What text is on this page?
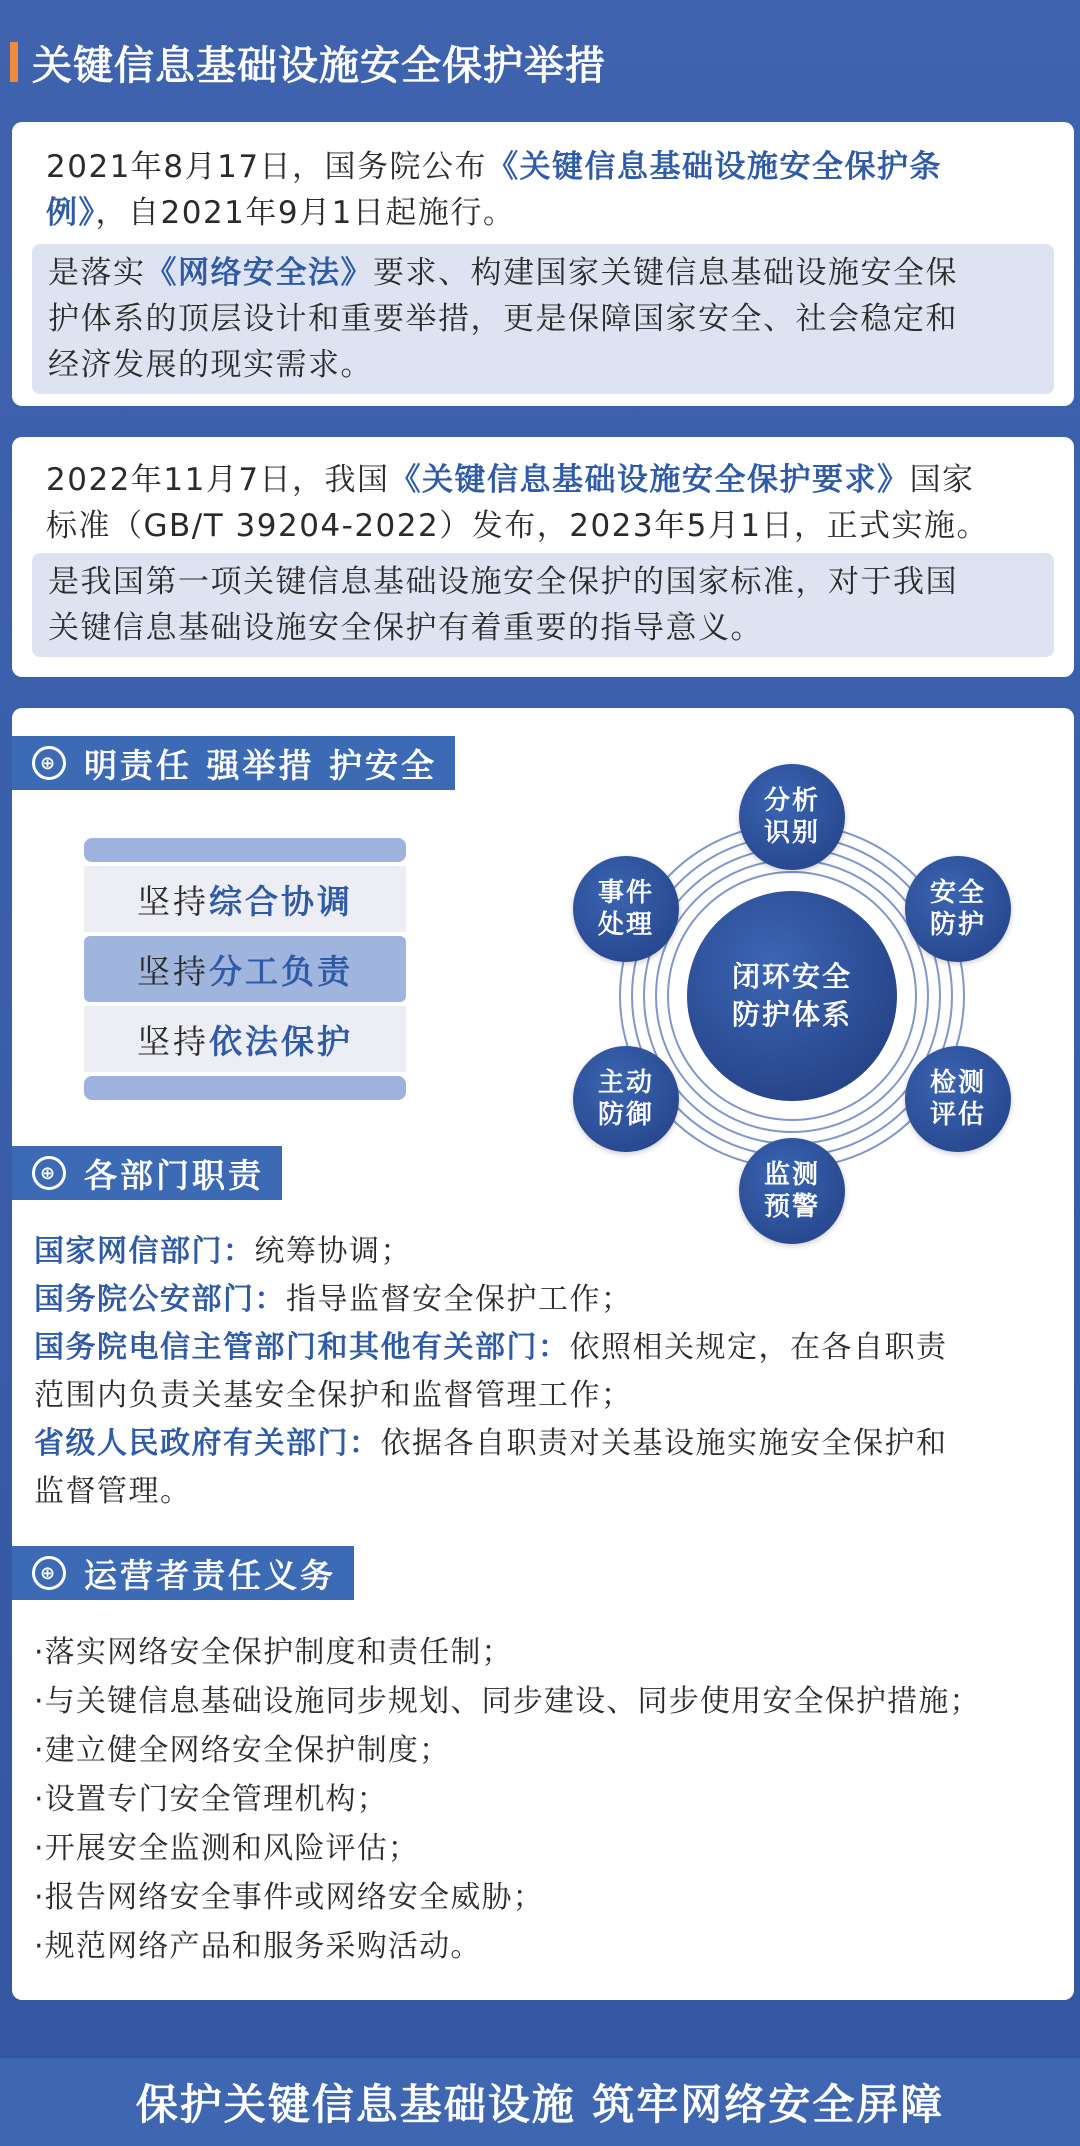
关键信息基础设施安全保护举措
2021年8月17日，国务院公布《关键信息基础设施安全保护条
例》，自2021年9月1日起施行。
是落实《网络安全法》要求、构建国家关键信息基础设施安全保
护体系的顶层设计和重要举措，更是保障国家安全、社会稳定和
经济发展的现实需求。
2022年11月7日，我国《关键信息基础设施安全保护要求》国家
标准（GB/T 39204-2022）发布，2023年5月1日，正式实施。
是我国第一项关键信息基础设施安全保护的国家标准，对于我国
关键信息基础设施安全保护有着重要的指导意义。
⊕ 明责任 强举措 护安全
坚持 综合协调
坚持 分工负责
坚持 依法保护
闭环安全
防护体系
分析
识别
安全
防护
检测
评估
监测
预警
主动
防御
事件
处理
⊕ 各部门职责
国家网信部门：统筹协调；
国务院公安部门：指导监督安全保护工作；
国务院电信主管部门和其他有关部门：依照相关规定，在各自职责
范围内负责关基安全保护和监督管理工作；
省级人民政府有关部门：依据各自职责对关基设施实施安全保护和
监督管理。
⊕ 运营者责任义务
·落实网络安全保护制度和责任制；
·与关键信息基础设施同步规划、同步建设、同步使用安全保护措施；
·建立健全网络安全保护制度；
·设置专门安全管理机构；
·开展安全监测和风险评估；
·报告网络安全事件或网络安全威胁；
·规范网络产品和服务采购活动。
保护关键信息基础设施 筑牢网络安全屏障
